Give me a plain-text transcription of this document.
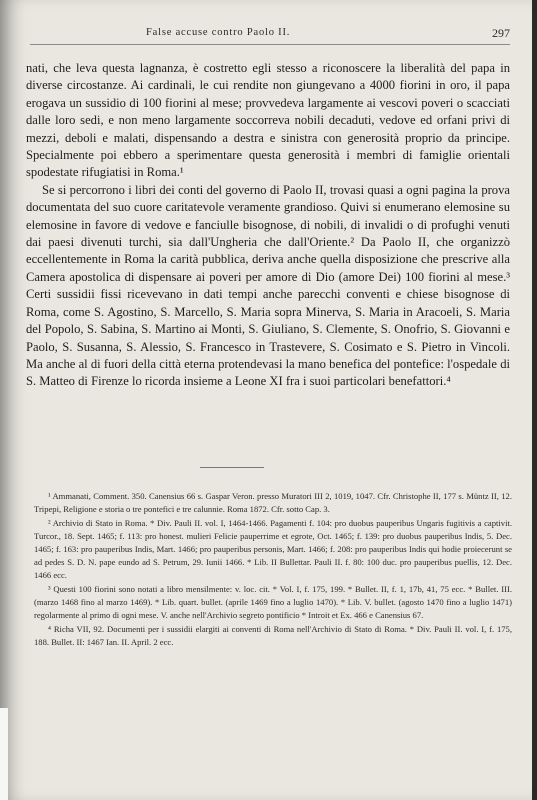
False accuse contro Paolo II.	297

nati, che leva questa lagnanza, è costretto egli stesso a riconoscere la liberalità del papa in diverse circostanze. Ai cardinali, le cui rendite non giungevano a 4000 fiorini in oro, il papa erogava un sussidio di 100 fiorini al mese; provvedeva largamente ai vescovi poveri o scacciati dalle loro sedi, e non meno largamente soccorreva nobili decaduti, vedove ed orfani privi di mezzi, deboli e malati, dispensando a destra e sinistra con generosità proprio da principe. Specialmente poi ebbero a sperimentare questa generosità i membri di famiglie orientali spodestate rifugiatisi in Roma.¹

Se si percorrono i libri dei conti del governo di Paolo II, trovasi quasi a ogni pagina la prova documentata del suo cuore caritatevole veramente grandioso. Quivi si enumerano elemosine su elemosine in favore di vedove e fanciulle bisognose, di nobili, di invalidi o di profughi venuti dai paesi divenuti turchi, sia dall'Ungheria che dall'Oriente.² Da Paolo II, che organizzò eccellentemente in Roma la carità pubblica, deriva anche quella disposizione che prescrive alla Camera apostolica di dispensare ai poveri per amore di Dio (amore Dei) 100 fiorini al mese.³ Certi sussidii fissi ricevevano in dati tempi anche parecchi conventi e chiese bisognose di Roma, come S. Agostino, S. Marcello, S. Maria sopra Minerva, S. Maria in Aracoeli, S. Maria del Popolo, S. Sabina, S. Martino ai Monti, S. Giuliano, S. Clemente, S. Onofrio, S. Giovanni e Paolo, S. Susanna, S. Alessio, S. Francesco in Trastevere, S. Cosimato e S. Pietro in Vincoli. Ma anche al di fuori della città eterna protendevasi la mano benefica del pontefice: l'ospedale di S. Matteo di Firenze lo ricorda insieme a Leone XI fra i suoi particolari benefattori.⁴

¹ Ammanati, Comment. 350. Canensius 66 s. Gaspar Veron. presso Muratori III 2, 1019, 1047. Cfr. Christophe II, 177 s. Müntz II, 12. Tripepi, Religione e storia o tre pontefici e tre calunnie. Roma 1872. Cfr. sotto Cap. 3.

² Archivio di Stato in Roma. * Div. Pauli II. vol. I, 1464-1466. Pagamenti f. 104: pro duobus pauperibus Ungaris fugitivis a captivit. Turcor., 18. Sept. 1465; f. 113: pro honest. mulieri Felicie pauperrime et egrote, Oct. 1465; f. 139: pro duobus pauperibus Indis, 5. Dec. 1465; f. 163: pro pauperibus Indis, Mart. 1466; pro pauperibus personis, Mart. 1466; f. 208: pro pauperibus Indis qui hodie proiecerunt se ad pedes S. D. N. pape eundo ad S. Petrum, 29. Iunii 1466. * Lib. II Bullettar. Pauli II. f. 80: 100 duc. pro pauperibus puellis, 12. Dec. 1466 ecc.

³ Questi 100 fiorini sono notati a libro mensilmente: v. loc. cit. * Vol. I, f. 175, 199. * Bullet. II, f. 1, 17b, 41, 75 ecc. * Bullet. III. (marzo 1468 fino al marzo 1469). * Lib. quart. bullet. (aprile 1469 fino a luglio 1470). * Lib. V. bullet. (agosto 1470 fino a luglio 1471) regolarmente al primo di ogni mese. V. anche nell'Archivio segreto pontificio * Introit et Ex. 466 e Canensius 67.

⁴ Richa VII, 92. Documenti per i sussidii elargiti ai conventi di Roma nell'Archivio di Stato di Roma. * Div. Pauli II. vol. I, f. 175, 188. Bullet. II: 1467 Ian. II. April. 2 ecc.
